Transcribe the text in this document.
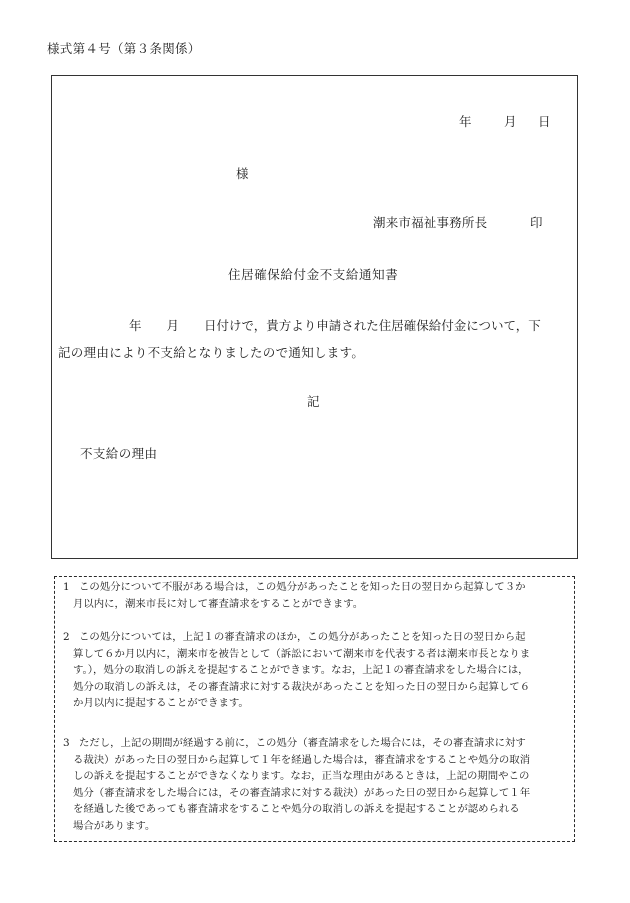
様式第４号（第３条関係）
年	月 日
様
潮来市福祉事務所長	印
住居確保給付金不支給通知書
年　　月　　日付けで，貴方より申請された住居確保給付金について，下
記の理由により不支給となりましたので通知します。
記
不支給の理由
1 この処分について不服がある場合は，この処分があったことを知った日の翌日から起算して３か
月以内に，潮来市長に対して審査請求をすることができます。
2 この処分については，上記１の審査請求のほか，この処分があったことを知った日の翌日から起
算して６か月以内に，潮来市を被告として（訴訟において潮来市を代表する者は潮来市長となりま
す。），処分の取消しの訴えを提起することができます。なお，上記１の審査請求をした場合には，
処分の取消しの訴えは，その審査請求に対する裁決があったことを知った日の翌日から起算して６
か月以内に提起することができます。
3 ただし，上記の期間が経過する前に，この処分（審査請求をした場合には，その審査請求に対す
る裁決）があった日の翌日から起算して１年を経過した場合は，審査請求をすることや処分の取消
しの訴えを提起することができなくなります。なお，正当な理由があるときは，上記の期間やこの
処分（審査請求をした場合には，その審査請求に対する裁決）があった日の翌日から起算して１年
を経過した後であっても審査請求をすることや処分の取消しの訴えを提起することが認められる
場合があります。
